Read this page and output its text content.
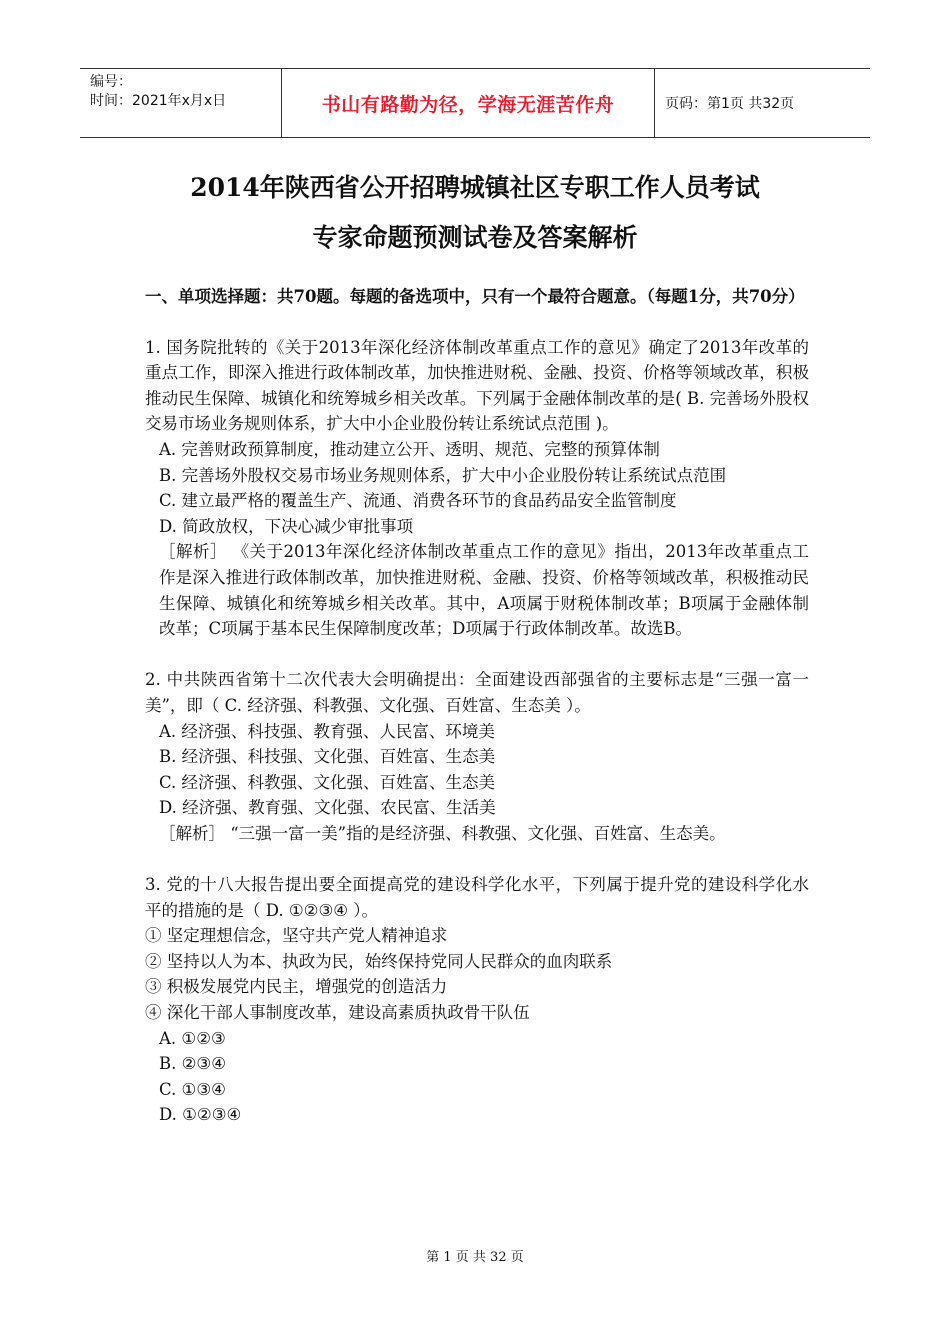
编号：
时间：2021年x月x日	书山有路勤为径，学海无涯苦作舟	页码：第1页 共32页
2014年陕西省公开招聘城镇社区专职工作人员考试
专家命题预测试卷及答案解析

一、单项选择题：共70题。每题的备选项中，只有一个最符合题意。（每题1分，共70分）

1. 国务院批转的《关于2013年深化经济体制改革重点工作的意见》确定了2013年改革的重点工作，即深入推进行政体制改革，加快推进财税、金融、投资、价格等领域改革，积极推动民生保障、城镇化和统筹城乡相关改革。下列属于金融体制改革的是( B. 完善场外股权交易市场业务规则体系，扩大中小企业股份转让系统试点范围 )。

A. 完善财政预算制度，推动建立公开、透明、规范、完整的预算体制

B. 完善场外股权交易市场业务规则体系，扩大中小企业股份转让系统试点范围

C. 建立最严格的覆盖生产、流通、消费各环节的食品药品安全监管制度

D. 简政放权，下决心减少审批事项

［解析］ 《关于2013年深化经济体制改革重点工作的意见》指出，2013年改革重点工作是深入推进行政体制改革，加快推进财税、金融、投资、价格等领域改革，积极推动民生保障、城镇化和统筹城乡相关改革。其中，A项属于财税体制改革；B项属于金融体制改革；C项属于基本民生保障制度改革；D项属于行政体制改革。故选B。

2. 中共陕西省第十二次代表大会明确提出：全面建设西部强省的主要标志是“三强一富一美”，即（ C. 经济强、科教强、文化强、百姓富、生态美 ）。

A. 经济强、科技强、教育强、人民富、环境美

B. 经济强、科技强、文化强、百姓富、生态美

C. 经济强、科教强、文化强、百姓富、生态美

D. 经济强、教育强、文化强、农民富、生活美

［解析］ “三强一富一美”指的是经济强、科教强、文化强、百姓富、生态美。

3. 党的十八大报告提出要全面提高党的建设科学化水平，下列属于提升党的建设科学化水平的措施的是（ D. ①②③④ ）。

① 坚定理想信念，坚守共产党人精神追求

② 坚持以人为本、执政为民，始终保持党同人民群众的血肉联系

③ 积极发展党内民主，增强党的创造活力

④ 深化干部人事制度改革，建设高素质执政骨干队伍

A. ①②③

B. ②③④

C. ①③④

D. ①②③④

第 1 页 共 32 页
